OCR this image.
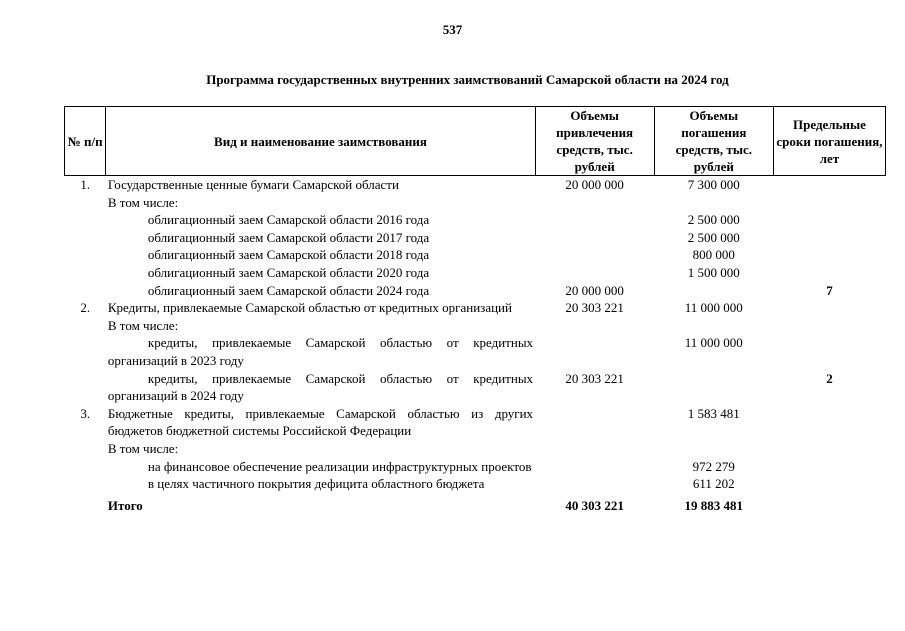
537
Программа государственных внутренних заимствований Самарской области на 2024 год
№ п/п	Вид и наименование заимствования	Объемы привлечения средств, тыс. рублей	Объемы погашения средств, тыс. рублей	Предельные сроки погашения, лет
1.	Государственные ценные бумаги Самарской области	20 000 000	7 300 000	
	В том числе:			
	облигационный заем Самарской области 2016 года		2 500 000	
	облигационный заем Самарской области 2017 года		2 500 000	
	облигационный заем Самарской области 2018 года		800 000	
	облигационный заем Самарской области 2020 года		1 500 000	
	облигационный заем Самарской области 2024 года	20 000 000		7
2.	Кредиты, привлекаемые Самарской областью от кредитных организаций	20 303 221	11 000 000	
	В том числе:			
	кредиты, привлекаемые Самарской областью от кредитных организаций в 2023 году		11 000 000	
	кредиты, привлекаемые Самарской областью от кредитных организаций в 2024 году	20 303 221		2
3.	Бюджетные кредиты, привлекаемые Самарской областью из других бюджетов бюджетной системы Российской Федерации		1 583 481	
	В том числе:			
	на финансовое обеспечение реализации инфраструктурных проектов		972 279	
	в целях частичного покрытия дефицита областного бюджета		611 202	
	Итого	40 303 221	19 883 481	
